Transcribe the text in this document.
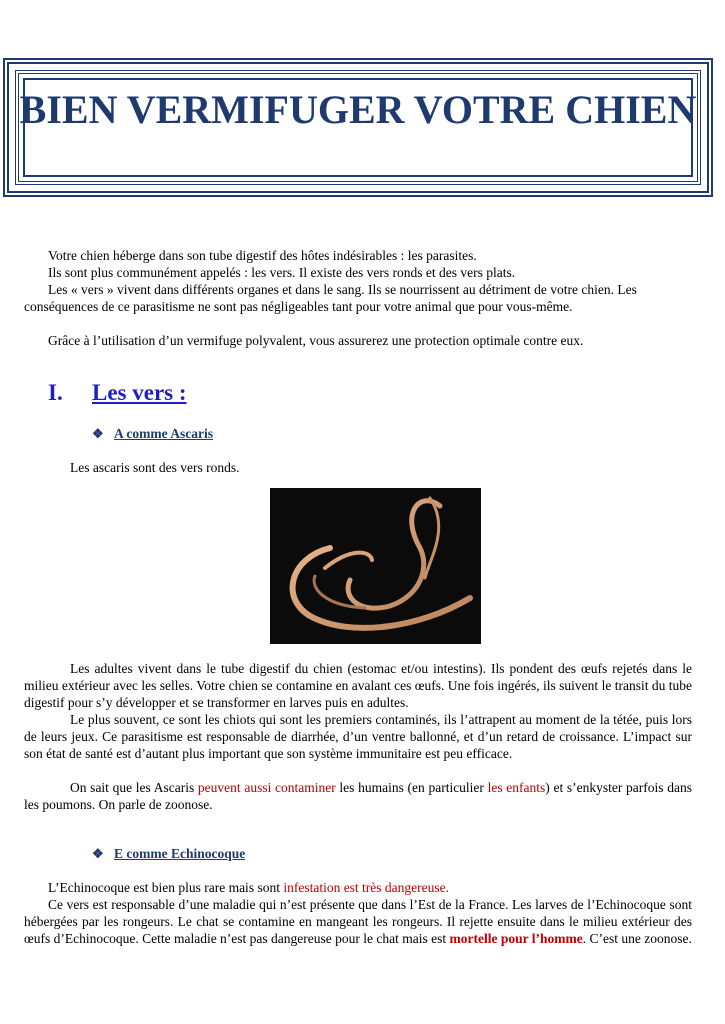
BIEN VERMIFUGER VOTRE CHIEN

Votre chien héberge dans son tube digestif des hôtes indésirables : les parasites.

Ils sont plus communément appelés : les vers. Il existe des vers ronds et des vers plats.

Les « vers » vivent dans différents organes et dans le sang. Ils se nourrissent au détriment de votre chien. Les conséquences de ce parasitisme ne sont pas négligeables tant pour votre animal que pour vous-même.

Grâce à l’utilisation d’un vermifuge polyvalent, vous assurerez une protection optimale contre eux.

I. Les vers :
❖ A comme Ascaris

Les ascaris sont des vers ronds.

Les adultes vivent dans le tube digestif du chien (estomac et/ou intestins). Ils pondent des œufs rejetés dans le milieu extérieur avec les selles. Votre chien se contamine en avalant ces œufs. Une fois ingérés, ils suivent le transit du tube digestif pour s’y développer et se transformer en larves puis en adultes.

Le plus souvent, ce sont les chiots qui sont les premiers contaminés, ils l’attrapent au moment de la tétée, puis lors de leurs jeux. Ce parasitisme est responsable de diarrhée, d’un ventre ballonné, et d’un retard de croissance. L’impact sur son état de santé est d’autant plus important que son système immunitaire est peu efficace.

On sait que les Ascaris peuvent aussi contaminer les humains (en particulier les enfants) et s’enkyster parfois dans les poumons. On parle de zoonose.

❖ E comme Echinocoque

L’Echinocoque est bien plus rare mais sont infestation est très dangereuse.

Ce vers est responsable d’une maladie qui n’est présente que dans l’Est de la France. Les larves de l’Echinocoque sont hébergées par les rongeurs. Le chat se contamine en mangeant les rongeurs. Il rejette ensuite dans le milieu extérieur des œufs d’Echinocoque. Cette maladie n’est pas dangereuse pour le chat mais est mortelle pour l’homme. C’est une zoonose.
